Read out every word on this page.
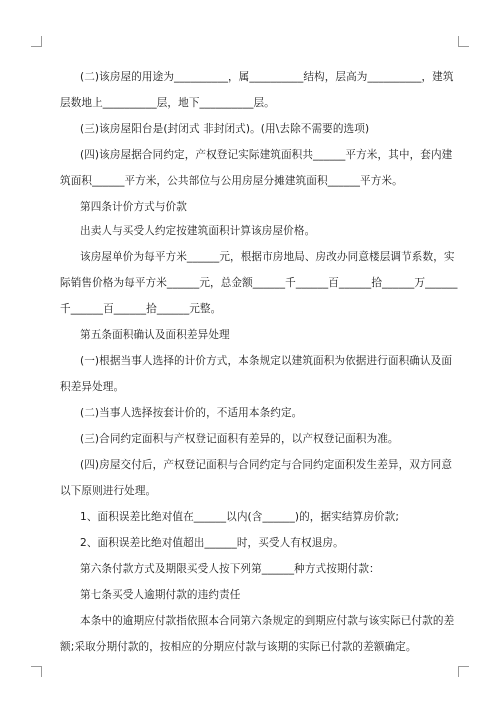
(二)该房屋的用途为__________，属__________结构，层高为__________，建筑
层数地上__________层，地下__________层。
(三)该房屋阳台是(封闭式 非封闭式)。(用\去除不需要的选项)
(四)该房屋据合同约定，产权登记实际建筑面积共______平方米，其中，套内建
筑面积______平方米，公共部位与公用房屋分摊建筑面积______平方米。
第四条计价方式与价款
出卖人与买受人约定按建筑面积计算该房屋价格。
该房屋单价为每平方米______元，根据市房地局、房改办同意楼层调节系数，实
际销售价格为每平方米______元，总金额______千______百______拾______万______
千______百______拾______元整。
第五条面积确认及面积差异处理
(一)根据当事人选择的计价方式，本条规定以建筑面积为依据进行面积确认及面
积差异处理。
(二)当事人选择按套计价的，不适用本条约定。
(三)合同约定面积与产权登记面积有差异的，以产权登记面积为准。
(四)房屋交付后，产权登记面积与合同约定与合同约定面积发生差异，双方同意
以下原则进行处理。
1、面积误差比绝对值在______以内(含______)的，据实结算房价款;
2、面积误差比绝对值超出______时，买受人有权退房。
第六条付款方式及期限买受人按下列第______种方式按期付款：
第七条买受人逾期付款的违约责任
本条中的逾期应付款指依照本合同第六条规定的到期应付款与该实际已付款的差
额;采取分期付款的，按相应的分期应付款与该期的实际已付款的差额确定。
